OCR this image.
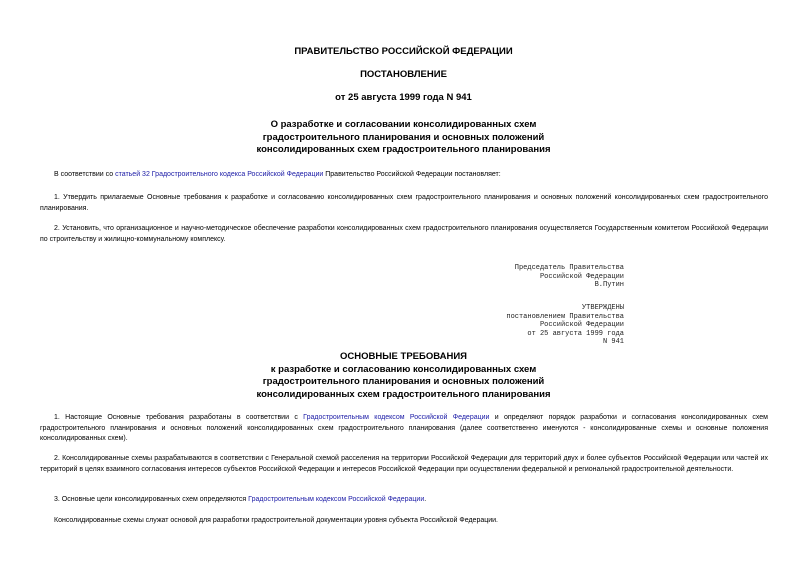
ПРАВИТЕЛЬСТВО РОССИЙСКОЙ ФЕДЕРАЦИИ
ПОСТАНОВЛЕНИЕ
от 25 августа 1999 года N 941
О разработке и согласовании консолидированных схем
градостроительного планирования и основных положений
консолидированных схем градостроительного планирования
В соответствии со статьей 32 Градостроительного кодекса Российской Федерации Правительство Российской Федерации постановляет:
1. Утвердить прилагаемые Основные требования к разработке и согласованию консолидированных схем градостроительного планирования и основных положений консолидированных схем градостроительного планирования.
2. Установить, что организационное и научно-методическое обеспечение разработки консолидированных схем градостроительного планирования осуществляется Государственным комитетом Российской Федерации по строительству и жилищно-коммунальному комплексу.
Председатель Правительства
Российской Федерации
В.Путин
УТВЕРЖДЕНЫ
постановлением Правительства
Российской Федерации
от 25 августа 1999 года
N 941
ОСНОВНЫЕ ТРЕБОВАНИЯ
к разработке и согласованию консолидированных схем
градостроительного планирования и основных положений
консолидированных схем градостроительного планирования
1. Настоящие Основные требования разработаны в соответствии с Градостроительным кодексом Российской Федерации и определяют порядок разработки и согласования консолидированных схем градостроительного планирования и основных положений консолидированных схем градостроительного планирования (далее соответственно именуются - консолидированные схемы и основные положения консолидированных схем).
2. Консолидированные схемы разрабатываются в соответствии с Генеральной схемой расселения на территории Российской Федерации для территорий двух и более субъектов Российской Федерации или частей их территорий в целях взаимного согласования интересов субъектов Российской Федерации и интересов Российской Федерации при осуществлении федеральной и региональной градостроительной деятельности.
3. Основные цели консолидированных схем определяются Градостроительным кодексом Российской Федерации.
Консолидированные схемы служат основой для разработки градостроительной документации уровня субъекта Российской Федерации.
